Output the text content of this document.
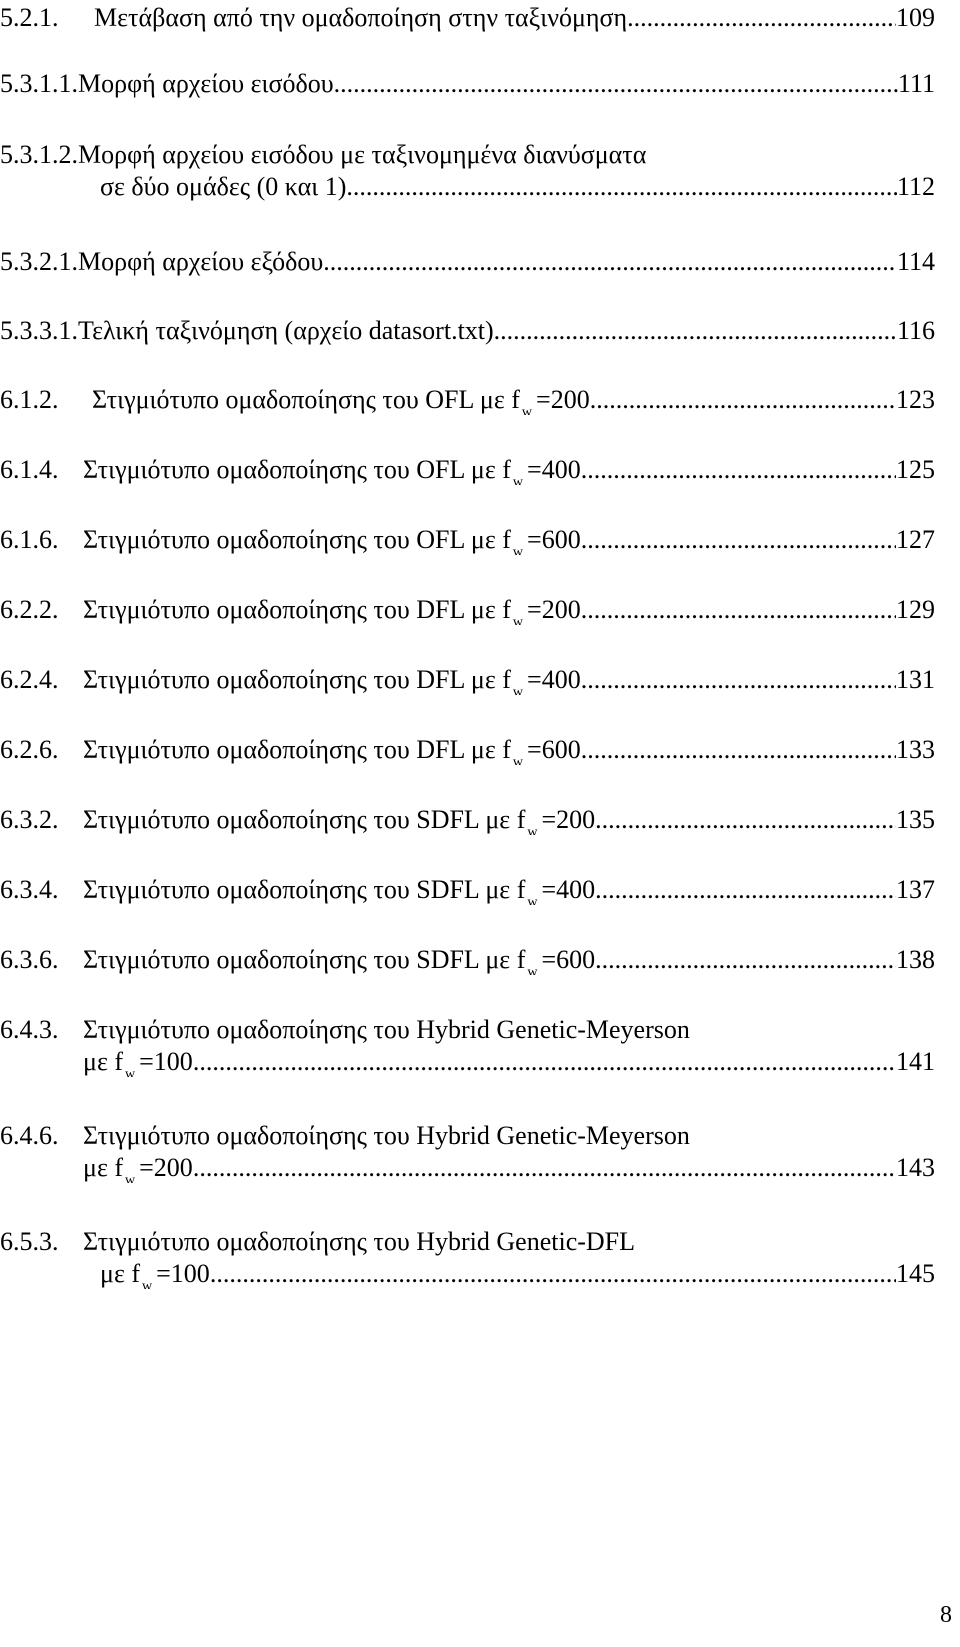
5.2.1.	Μετάβαση από την ομαδοποίηση στην ταξινόμηση .....	109
5.3.1.1. Μορφή αρχείου εισόδου .....	111
5.3.1.2. Μορφή αρχείου εισόδου με ταξινομημένα διανύσματα
σε δύο ομάδες (0 και 1) .....	112
5.3.2.1. Μορφή αρχείου εξόδου .....	114
5.3.3.1. Τελική ταξινόμηση (αρχείο datasort.txt) .....	116
6.1.2.	Στιγμιότυπο ομαδοποίησης του OFL με f w =200 .....	123
6.1.4. Στιγμιότυπο ομαδοποίησης του OFL με f w =400 .....	125
6.1.6. Στιγμιότυπο ομαδοποίησης του OFL με f w =600 .....	127
6.2.2. Στιγμιότυπο ομαδοποίησης του DFL με f w =200 .....	129
6.2.4. Στιγμιότυπο ομαδοποίησης του DFL με f w =400 .....	131
6.2.6. Στιγμιότυπο ομαδοποίησης του DFL με f w =600 .....	133
6.3.2. Στιγμιότυπο ομαδοποίησης του SDFL με f w =200 .....	135
6.3.4. Στιγμιότυπο ομαδοποίησης του SDFL με f w =400 .....	137
6.3.6. Στιγμιότυπο ομαδοποίησης του SDFL με f w =600 .....	138
6.4.3. Στιγμιότυπο ομαδοποίησης του Hybrid Genetic-Meyerson
με f w =100 .....	141
6.4.6. Στιγμιότυπο ομαδοποίησης του Hybrid Genetic-Meyerson
με f w =200 .....	143
6.5.3. Στιγμιότυπο ομαδοποίησης του Hybrid Genetic-DFL
με f w =100 .....	145
8
